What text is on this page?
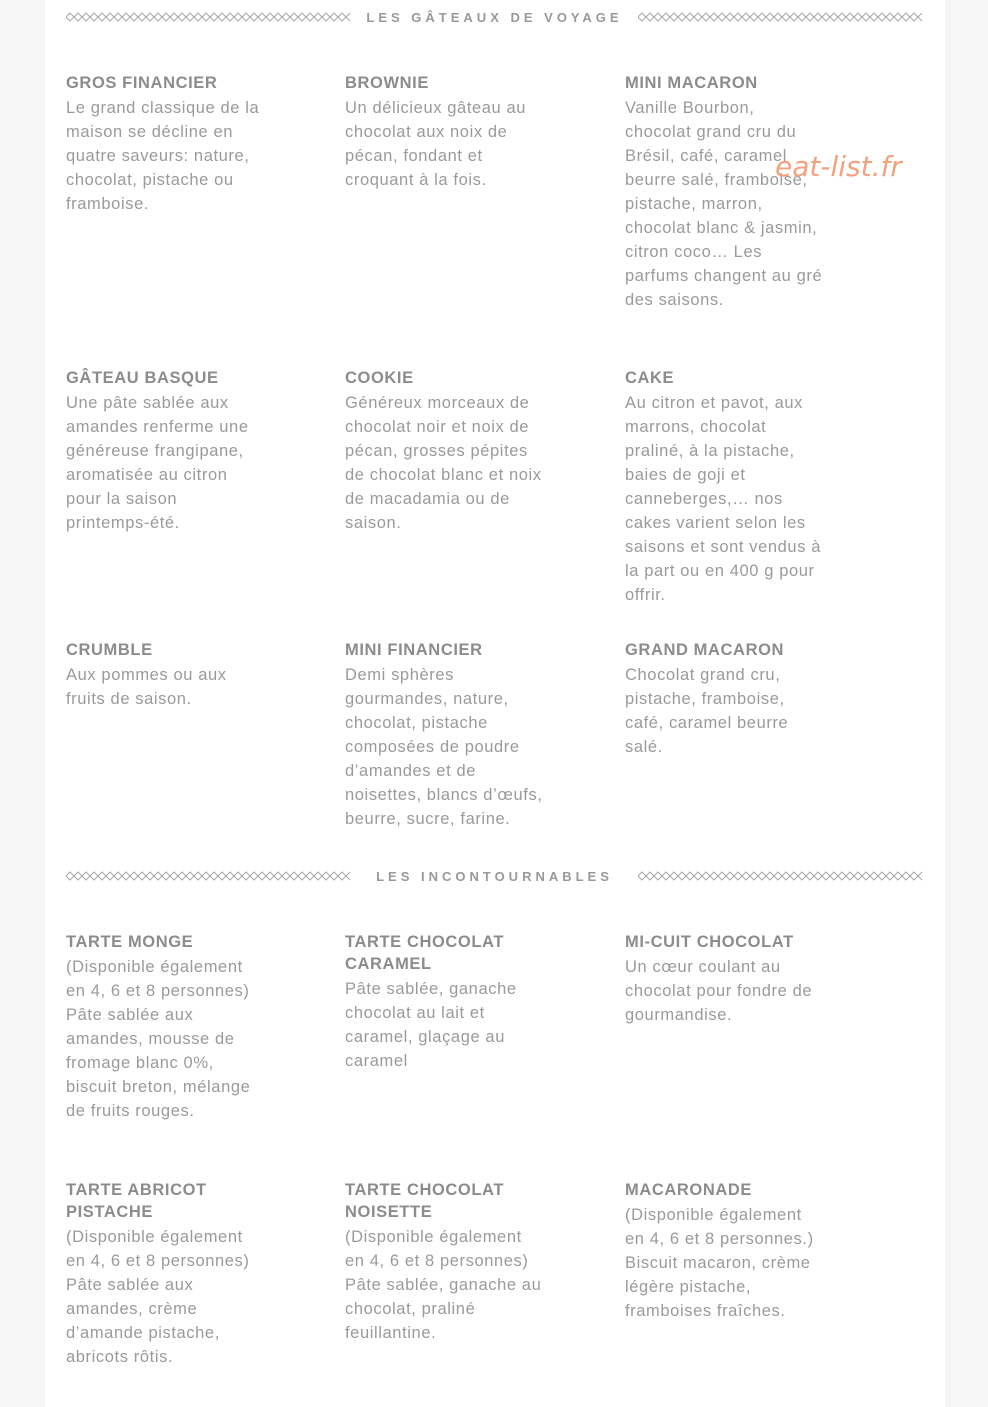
LES GÂTEAUX DE VOYAGE
GROS FINANCIER

Le grand classique de la maison se décline en quatre saveurs: nature, chocolat, pistache ou framboise.

BROWNIE

Un délicieux gâteau au chocolat aux noix de pécan, fondant et croquant à la fois.

MINI MACARON

Vanille Bourbon, chocolat grand cru du Brésil, café, caramel beurre salé, framboise, pistache, marron, chocolat blanc & jasmin, citron coco… Les parfums changent au gré des saisons.

GÂTEAU BASQUE

Une pâte sablée aux amandes renferme une généreuse frangipane, aromatisée au citron pour la saison printemps-été.

COOKIE

Généreux morceaux de chocolat noir et noix de pécan, grosses pépites de chocolat blanc et noix de macadamia ou de saison.

CAKE

Au citron et pavot, aux marrons, chocolat praliné, à la pistache, baies de goji et canneberges,… nos cakes varient selon les saisons et sont vendus à la part ou en 400 g pour offrir.

CRUMBLE

Aux pommes ou aux fruits de saison.

MINI FINANCIER

Demi sphères gourmandes, nature, chocolat, pistache composées de poudre d’amandes et de noisettes, blancs d’œufs, beurre, sucre, farine.

GRAND MACARON

Chocolat grand cru, pistache, framboise, café, caramel beurre salé.

LES INCONTOURNABLES
TARTE MONGE

(Disponible également en 4, 6 et 8 personnes) Pâte sablée aux amandes, mousse de fromage blanc 0%, biscuit breton, mélange de fruits rouges.

TARTE CHOCOLAT CARAMEL

Pâte sablée, ganache chocolat au lait et caramel, glaçage au caramel

MI-CUIT CHOCOLAT

Un cœur coulant au chocolat pour fondre de gourmandise.

TARTE ABRICOT PISTACHE

(Disponible également en 4, 6 et 8 personnes) Pâte sablée aux amandes, crème d’amande pistache, abricots rôtis.

TARTE CHOCOLAT NOISETTE

(Disponible également en 4, 6 et 8 personnes) Pâte sablée, ganache au chocolat, praliné feuillantine.

MACARONADE

(Disponible également en 4, 6 et 8 personnes.) Biscuit macaron, crème légère pistache, framboises fraîches.

eat-list.fr
